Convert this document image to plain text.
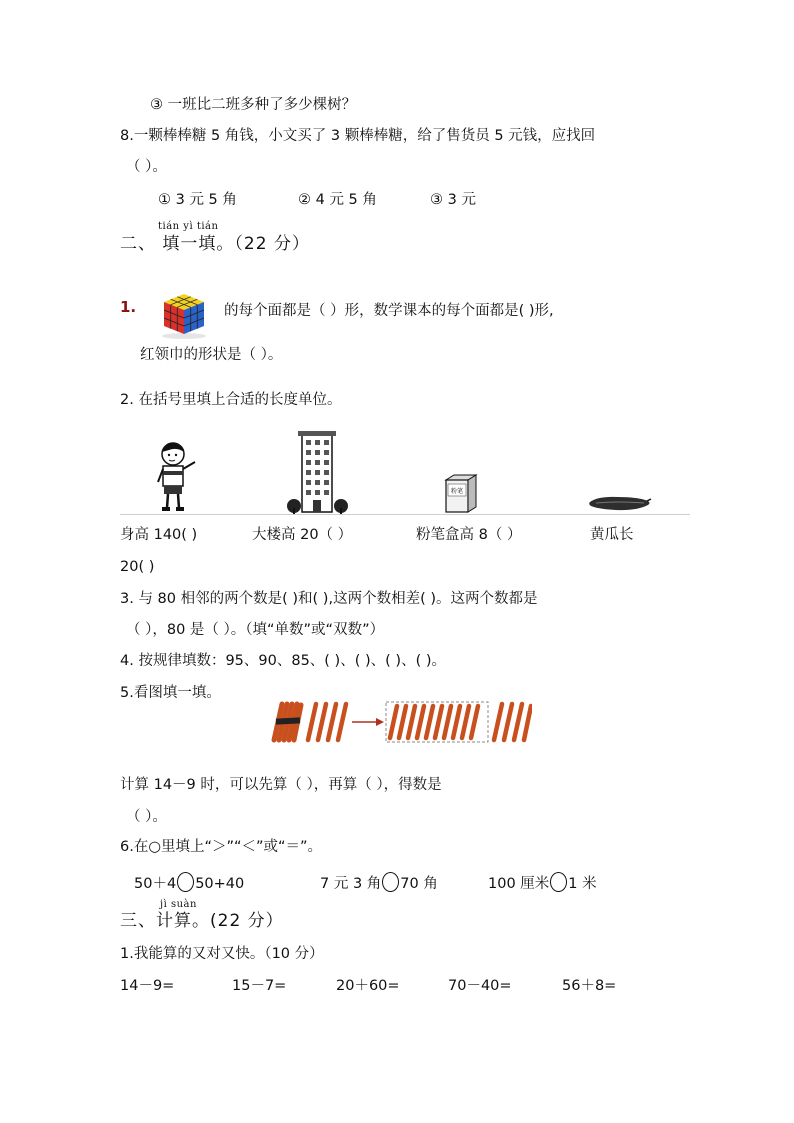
③ 一班比二班多种了多少棵树？
8.一颗棒棒糖 5 角钱，小文买了 3 颗棒棒糖，给了售货员 5 元钱，应找回
（ ）。
① 3 元 5 角	② 4 元 5 角	③ 3 元
tián yì tián
二、 填一填。（22 分）
1.	的每个面都是（ ）形，数学课本的每个面都是( )形,
红领巾的形状是（ ）。
2. 在括号里填上合适的长度单位。
粉笔
身高 140( )	大楼高 20（ ）	粉笔盒高 8（ ）	黄瓜长
20( )
3. 与 80 相邻的两个数是( )和( ),这两个数相差( )。这两个数都是
（ ），80 是（ ）。（填“单数”或“双数”）
4. 按规律填数：95、90、85、( )、( )、( )、( )。
5.看图填一填。
计算 14－9 时，可以先算（ ），再算（ ），得数是
（ ）。
6.在○里填上“＞”“＜”或“＝”。
50＋4 50+40	7 元 3 角 70 角	100 厘米 1 米
jì suàn
三、计算。(22 分）
1.我能算的又对又快。（10 分）
14－9=	15－7=	20＋60=	70－40=	56＋8=
